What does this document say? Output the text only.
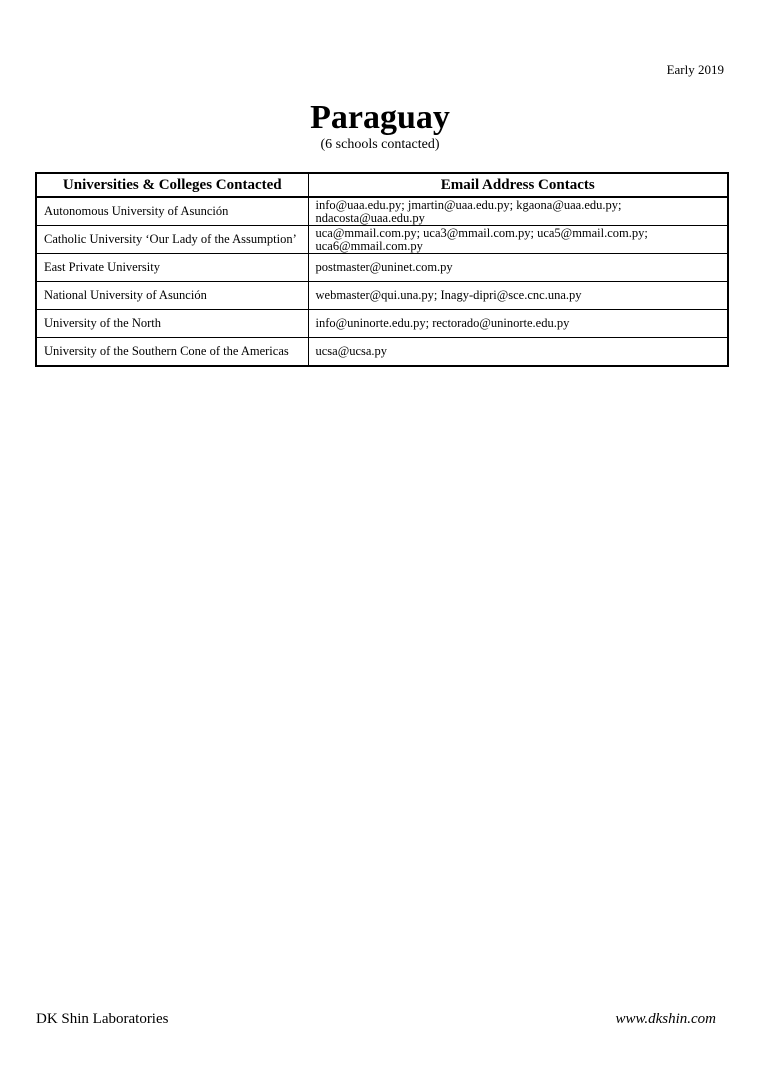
Early 2019
Paraguay
(6 schools contacted)
Universities & Colleges Contacted	Email Address Contacts
Autonomous University of Asunción	info@uaa.edu.py; jmartin@uaa.edu.py; kgaona@uaa.edu.py; ndacosta@uaa.edu.py
Catholic University ‘Our Lady of the Assumption’	uca@mmail.com.py; uca3@mmail.com.py; uca5@mmail.com.py; uca6@mmail.com.py
East Private University	postmaster@uninet.com.py
National University of Asunción	webmaster@qui.una.py; Inagy-dipri@sce.cnc.una.py
University of the North	info@uninorte.edu.py; rectorado@uninorte.edu.py
University of the Southern Cone of the Americas	ucsa@ucsa.py
DK Shin Laboratories	www.dkshin.com
